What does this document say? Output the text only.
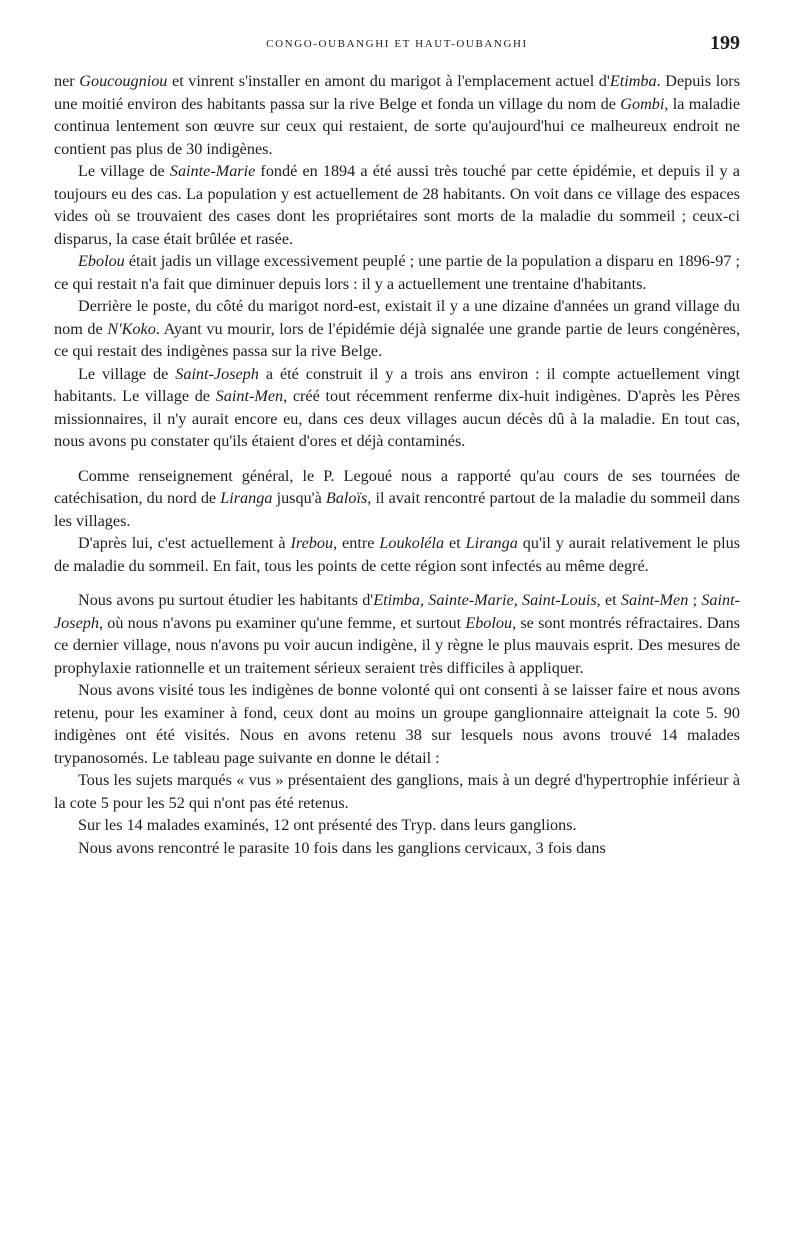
CONGO-OUBANGHI ET HAUT-OUBANGHI	199

ner Goucougniou et vinrent s'installer en amont du marigot à l'emplacement actuel d'Etimba. Depuis lors une moitié environ des habitants passa sur la rive Belge et fonda un village du nom de Gombi, la maladie continua lentement son œuvre sur ceux qui restaient, de sorte qu'aujourd'hui ce malheureux endroit ne contient pas plus de 30 indigènes.

Le village de Sainte-Marie fondé en 1894 a été aussi très touché par cette épidémie, et depuis il y a toujours eu des cas. La population y est actuellement de 28 habitants. On voit dans ce village des espaces vides où se trouvaient des cases dont les propriétaires sont morts de la maladie du sommeil ; ceux-ci disparus, la case était brûlée et rasée.

Ebolou était jadis un village excessivement peuplé ; une partie de la population a disparu en 1896-97 ; ce qui restait n'a fait que diminuer depuis lors : il y a actuellement une trentaine d'habitants.

Derrière le poste, du côté du marigot nord-est, existait il y a une dizaine d'années un grand village du nom de N'Koko. Ayant vu mourir, lors de l'épidémie déjà signalée une grande partie de leurs congénères, ce qui restait des indigènes passa sur la rive Belge.

Le village de Saint-Joseph a été construit il y a trois ans environ : il compte actuellement vingt habitants. Le village de Saint-Men, créé tout récemment renferme dix-huit indigènes. D'après les Pères missionnaires, il n'y aurait encore eu, dans ces deux villages aucun décès dû à la maladie. En tout cas, nous avons pu constater qu'ils étaient d'ores et déjà contaminés.

Comme renseignement général, le P. Legoué nous a rapporté qu'au cours de ses tournées de catéchisation, du nord de Liranga jusqu'à Baloïs, il avait rencontré partout de la maladie du sommeil dans les villages.

D'après lui, c'est actuellement à Irebou, entre Loukoléla et Liranga qu'il y aurait relativement le plus de maladie du sommeil. En fait, tous les points de cette région sont infectés au même degré.

Nous avons pu surtout étudier les habitants d'Etimba, Sainte-Marie, Saint-Louis, et Saint-Men ; Saint-Joseph, où nous n'avons pu examiner qu'une femme, et surtout Ebolou, se sont montrés réfractaires. Dans ce dernier village, nous n'avons pu voir aucun indigène, il y règne le plus mauvais esprit. Des mesures de prophylaxie rationnelle et un traitement sérieux seraient très difficiles à appliquer.

Nous avons visité tous les indigènes de bonne volonté qui ont consenti à se laisser faire et nous avons retenu, pour les examiner à fond, ceux dont au moins un groupe ganglionnaire atteignait la cote 5. 90 indigènes ont été visités. Nous en avons retenu 38 sur lesquels nous avons trouvé 14 malades trypanosomés. Le tableau page suivante en donne le détail :

Tous les sujets marqués « vus » présentaient des ganglions, mais à un degré d'hypertrophie inférieur à la cote 5 pour les 52 qui n'ont pas été retenus.

Sur les 14 malades examinés, 12 ont présenté des Tryp. dans leurs ganglions.

Nous avons rencontré le parasite 10 fois dans les ganglions cervicaux, 3 fois dans
